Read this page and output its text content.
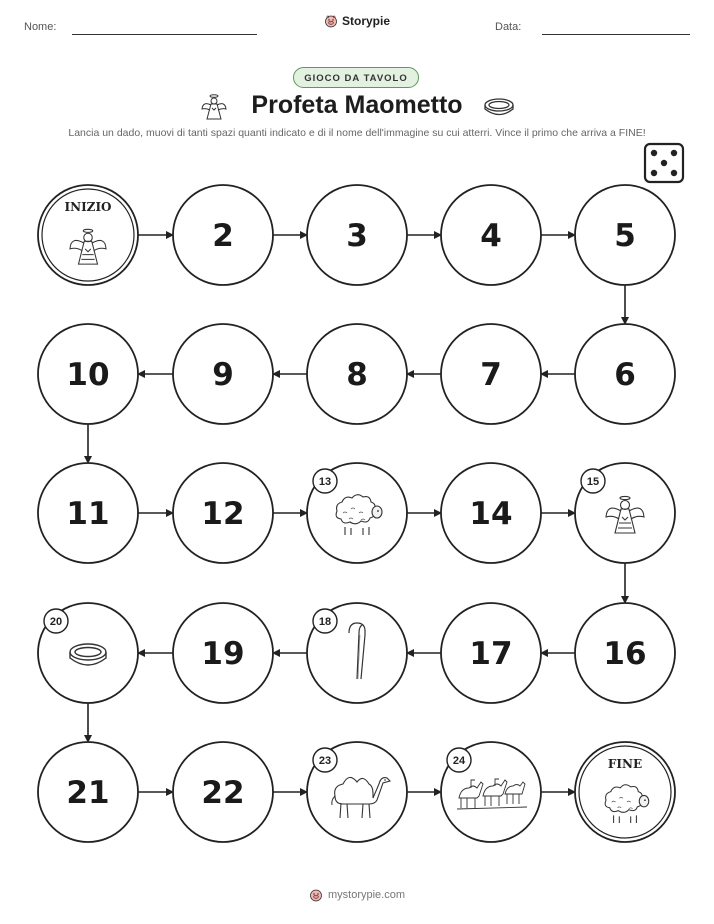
Nome:	Storypie	Data:
GIOCO DA TAVOLO
Profeta Maometto
Lancia un dado, muovi di tanti spazi quanti indicato e di il nome dell'immagine su cui atterri. Vince il primo che arriva a FINE!
INIZIO
2	3	4	5
6
7
8
9
10
11	12
13
14
15
16
17
18
19
20
21	22
23	24	FINE
mystorypie.com
